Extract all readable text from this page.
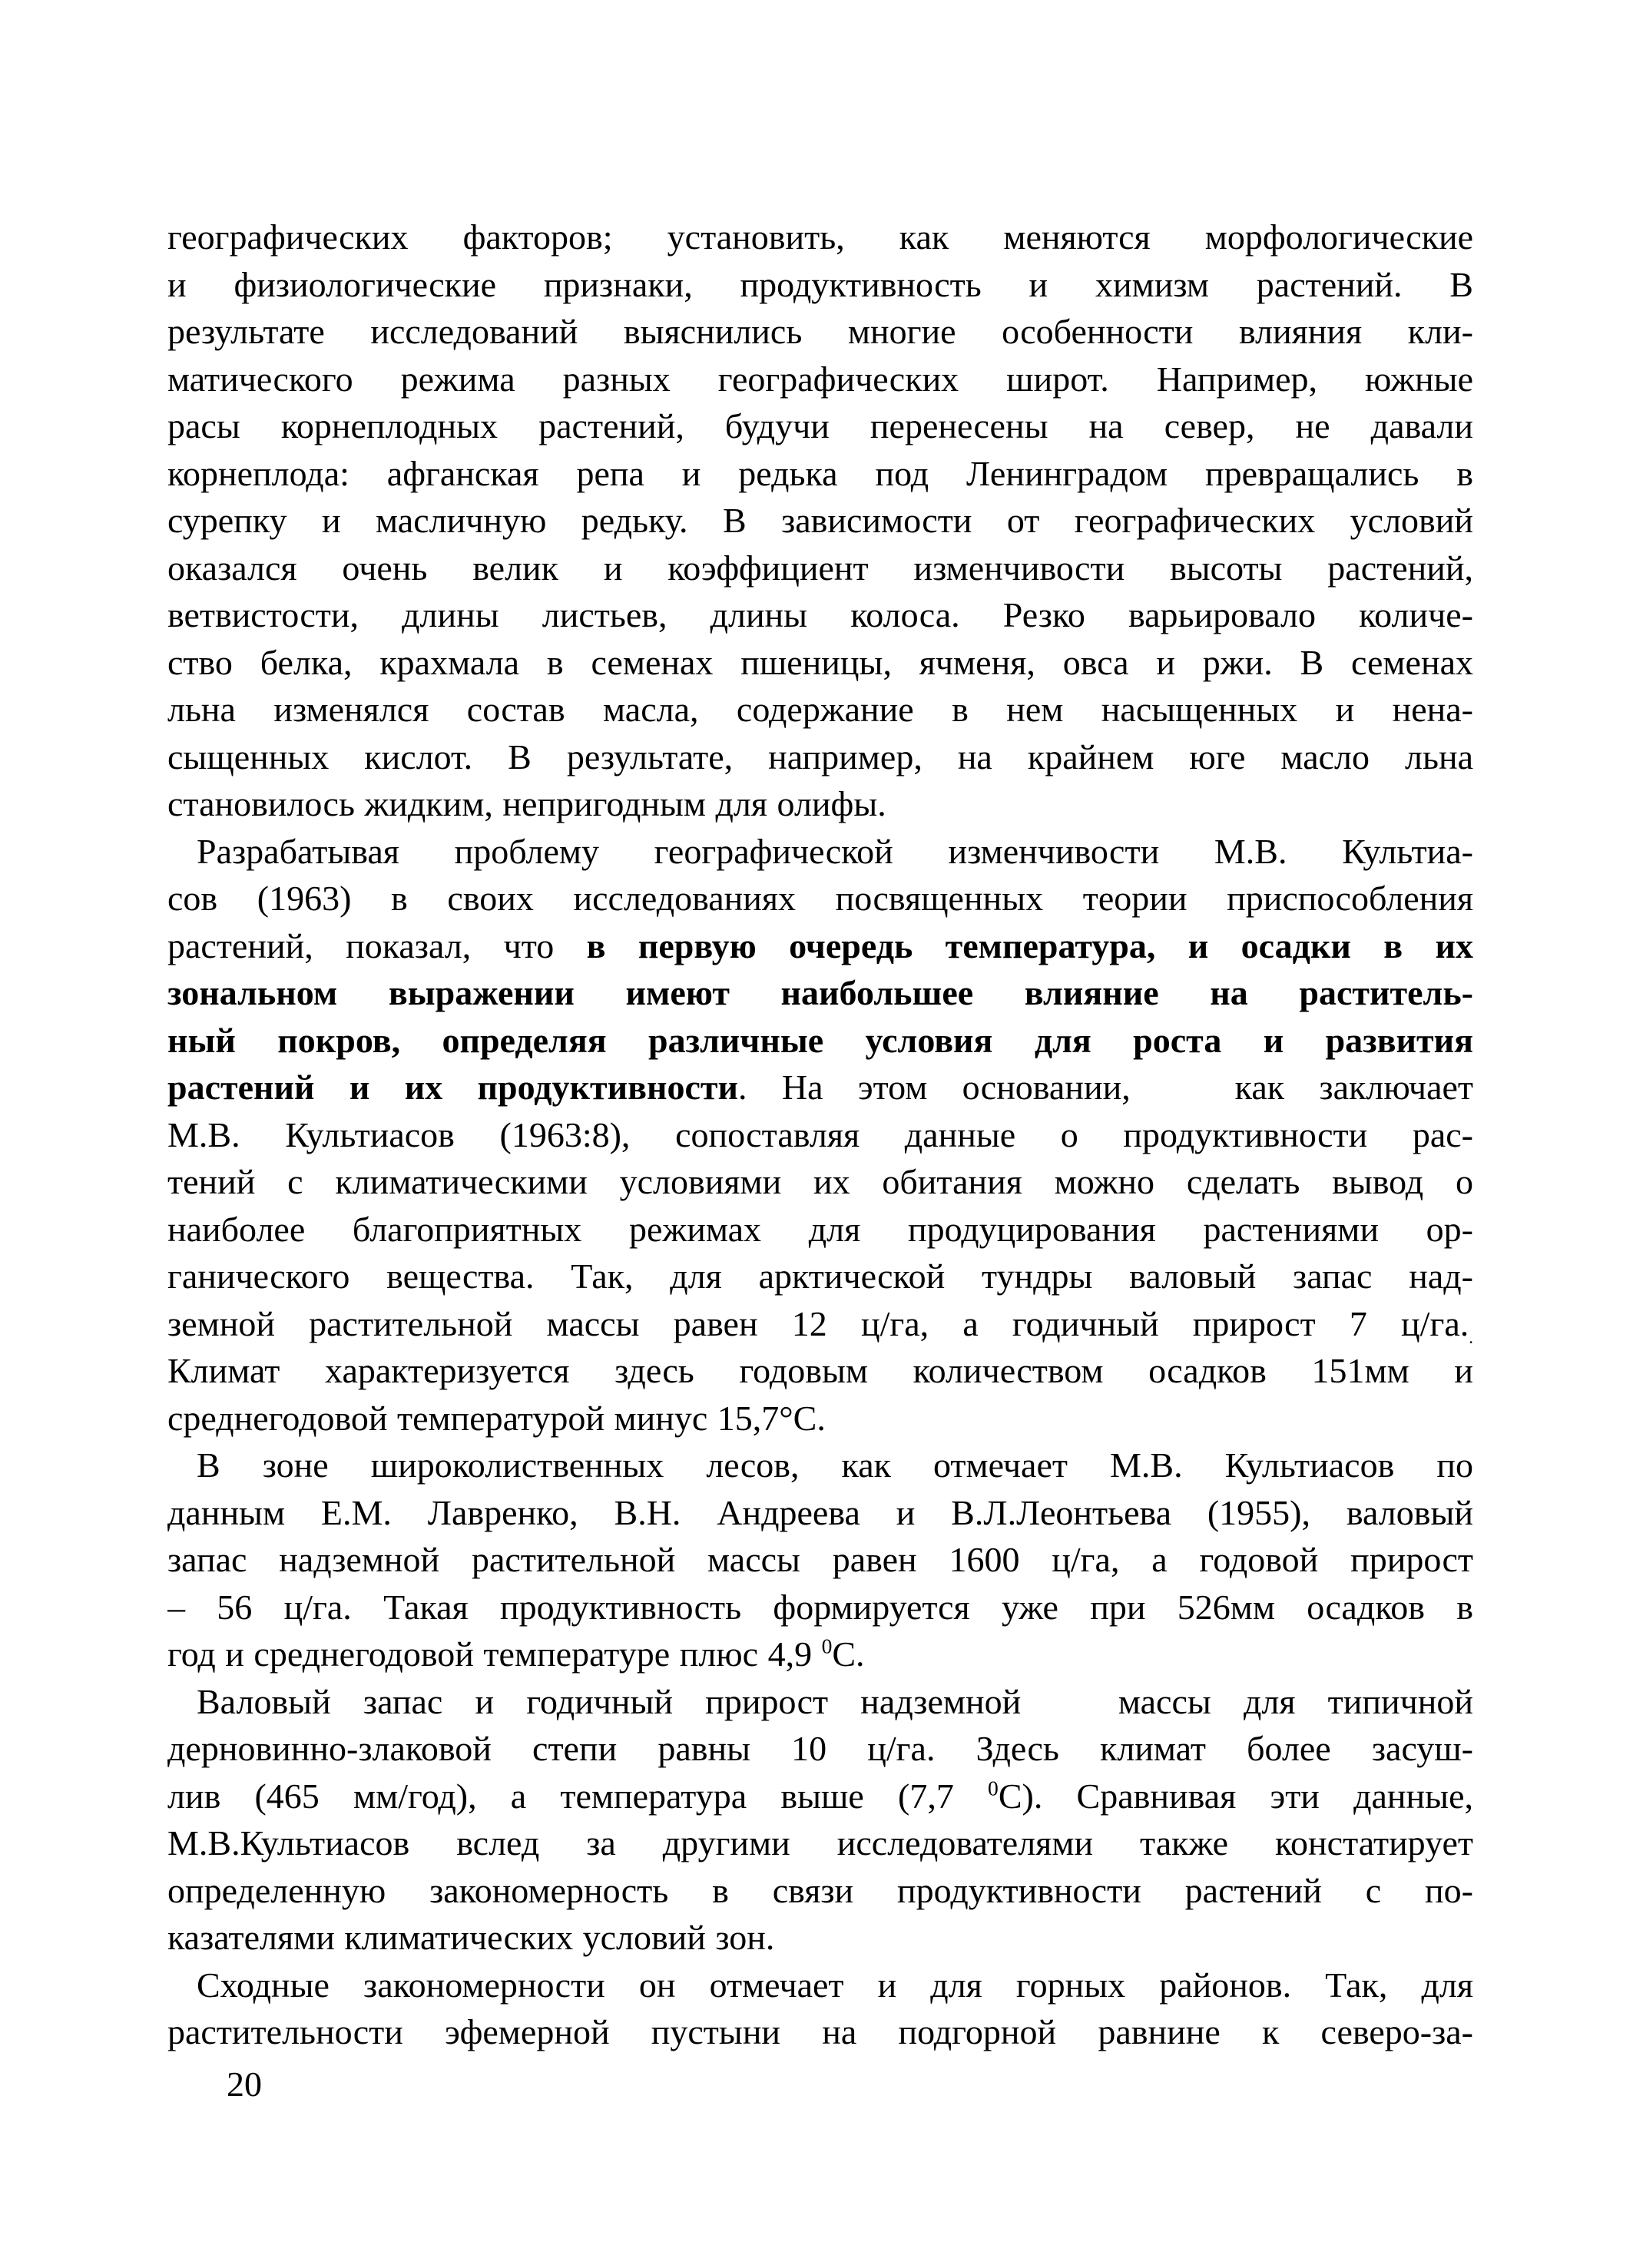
географических факторов; установить, как меняются морфологические
и физиологические признаки, продуктивность и химизм растений. В
результате исследований выяснились многие особенности влияния кли-
матического режима разных географических широт. Например, южные
расы корнеплодных растений, будучи перенесены на север, не давали
корнеплода: афганская репа и редька под Ленинградом превращались в
сурепку и масличную редьку. В зависимости от географических условий
оказался очень велик и коэффициент изменчивости высоты растений,
ветвистости, длины листьев, длины колоса. Резко варьировало количе-
ство белка, крахмала в семенах пшеницы, ячменя, овса и ржи. В семенах
льна изменялся состав масла, содержание в нем насыщенных и нена-
сыщенных кислот. В результате, например, на крайнем юге масло льна
становилось жидким, непригодным для олифы.
Разрабатывая проблему географической изменчивости М.В. Культиа-
сов (1963) в своих исследованиях посвященных теории приспособления
растений, показал, что в первую очередь температура, и осадки в их
зональном выражении имеют наибольшее влияние на раститель-
ный покров, определяя различные условия для роста и развития
растений и их продуктивности. На этом основании,   как заключает
М.В. Культиасов (1963:8), сопоставляя данные о продуктивности рас-
тений с климатическими условиями их обитания можно сделать вывод о
наиболее благоприятных режимах для продуцирования растениями ор-
ганического вещества. Так, для арктической тундры валовый запас над-
земной растительной массы равен 12 ц/га, а годичный прирост 7 $ц/га._.$
Климат характеризуется здесь годовым количеством осадков 151мм и
среднегодовой температурой минус 15,7°С.
В зоне широколиственных лесов, как отмечает М.В. Культиасов по
данным Е.М. Лавренко, В.Н. Андреева и В.Л.Леонтьева (1955), валовый
запас надземной растительной массы равен 1600 ц/га, а годовой прирост
– 56 ц/га. Такая продуктивность формируется уже при 526мм осадков в
год и среднегодовой температуре плюс 4,9 $^0$С.
Валовый запас и годичный прирост надземной   массы для типичной
дерновинно-злаковой степи равны 10 ц/га. Здесь климат более засуш-
лив (465 мм/год), а температура выше (7,7 $^0$С). Сравнивая эти данные,
М.В.Культиасов вслед за другими исследователями также констатирует
определенную закономерность в связи продуктивности растений с по-
казателями климатических условий зон.
Сходные закономерности он отмечает и для горных районов. Так, для
растительности эфемерной пустыни на подгорной равнине к северо-за-
20
